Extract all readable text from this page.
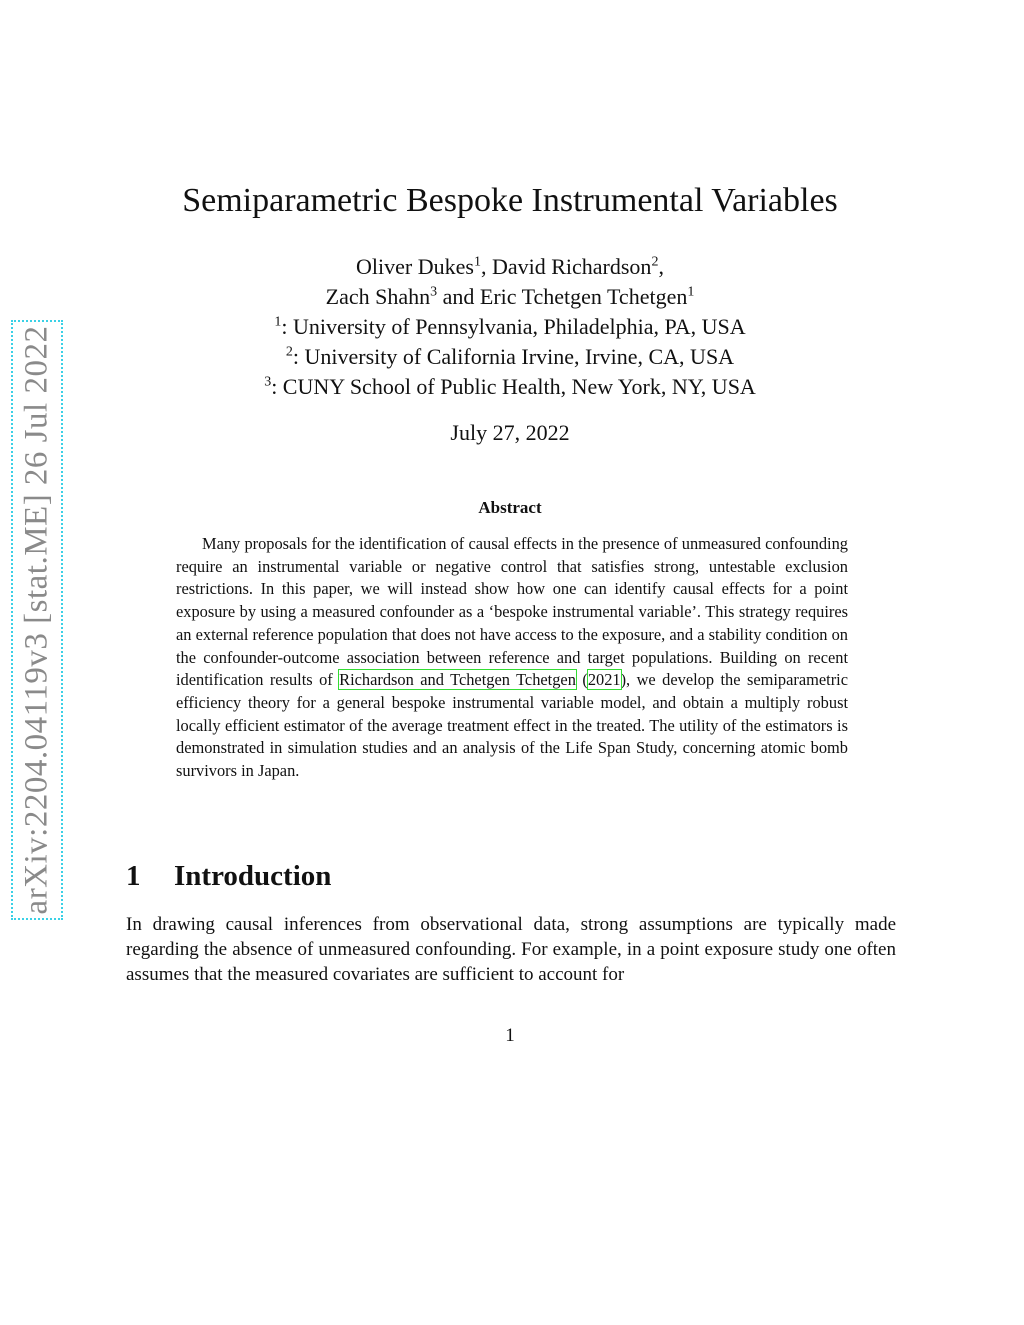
arXiv:2204.04119v3 [stat.ME] 26 Jul 2022
Semiparametric Bespoke Instrumental Variables
Oliver Dukes$^1$, David Richardson$^2$,
Zach Shahn$^3$ and Eric Tchetgen Tchetgen$^1$
$^1$: University of Pennsylvania, Philadelphia, PA, USA
$^2$: University of California Irvine, Irvine, CA, USA
$^3$: CUNY School of Public Health, New York, NY, USA
July 27, 2022
Abstract
Many proposals for the identification of causal effects in the presence of unmeasured confounding require an instrumental variable or negative control that satisfies strong, untestable exclusion restrictions. In this paper, we will instead show how one can identify causal effects for a point exposure by using a measured confounder as a ‘bespoke instrumental variable’. This strategy requires an external reference population that does not have access to the exposure, and a stability condition on the confounder-outcome association between reference and target populations. Building on recent identification results of Richardson and Tchetgen Tchetgen (2021), we develop the semiparametric efficiency theory for a general bespoke instrumental variable model, and obtain a multiply robust locally efficient estimator of the average treatment effect in the treated. The utility of the estimators is demonstrated in simulation studies and an analysis of the Life Span Study, concerning atomic bomb survivors in Japan.
1 Introduction
In drawing causal inferences from observational data, strong assumptions are typically made regarding the absence of unmeasured confounding. For example, in a point exposure study one often assumes that the measured covariates are sufficient to account for
1
